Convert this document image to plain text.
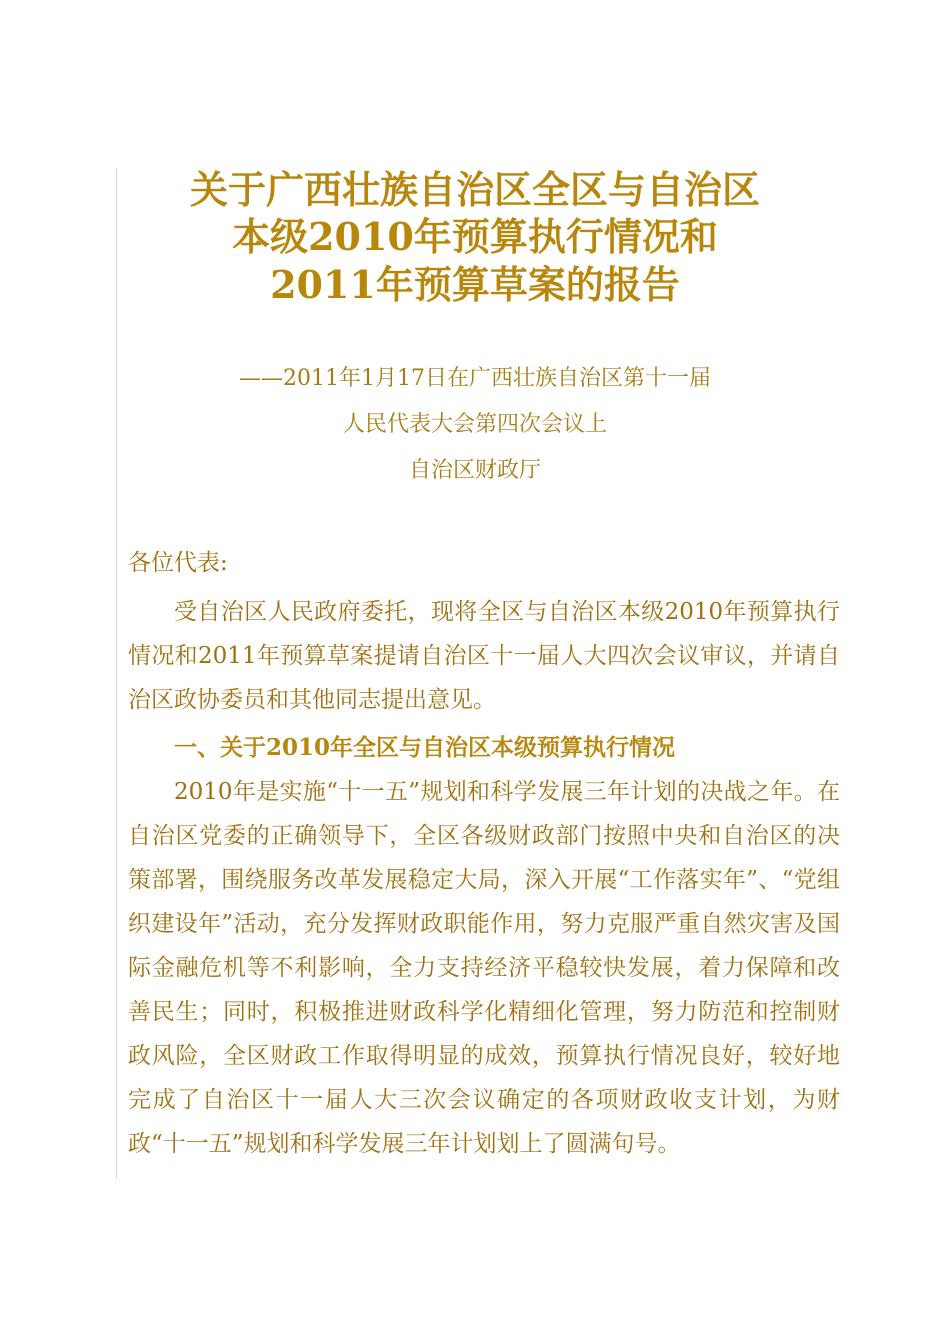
关于广西壮族自治区全区与自治区
本级2010年预算执行情况和
2011年预算草案的报告
——2011年1月17日在广西壮族自治区第十一届
人民代表大会第四次会议上
自治区财政厅
各位代表:

受自治区人民政府委托，现将全区与自治区本级2010年预算执行情况和2011年预算草案提请自治区十一届人大四次会议审议，并请自治区政协委员和其他同志提出意见。

一、关于2010年全区与自治区本级预算执行情况

2010年是实施“十一五”规划和科学发展三年计划的决战之年。在自治区党委的正确领导下，全区各级财政部门按照中央和自治区的决策部署，围绕服务改革发展稳定大局，深入开展“工作落实年”、“党组织建设年”活动，充分发挥财政职能作用，努力克服严重自然灾害及国际金融危机等不利影响，全力支持经济平稳较快发展，着力保障和改善民生；同时，积极推进财政科学化精细化管理，努力防范和控制财政风险，全区财政工作取得明显的成效，预算执行情况良好，较好地完成了自治区十一届人大三次会议确定的各项财政收支计划，为财政“十一五”规划和科学发展三年计划划上了圆满句号。
